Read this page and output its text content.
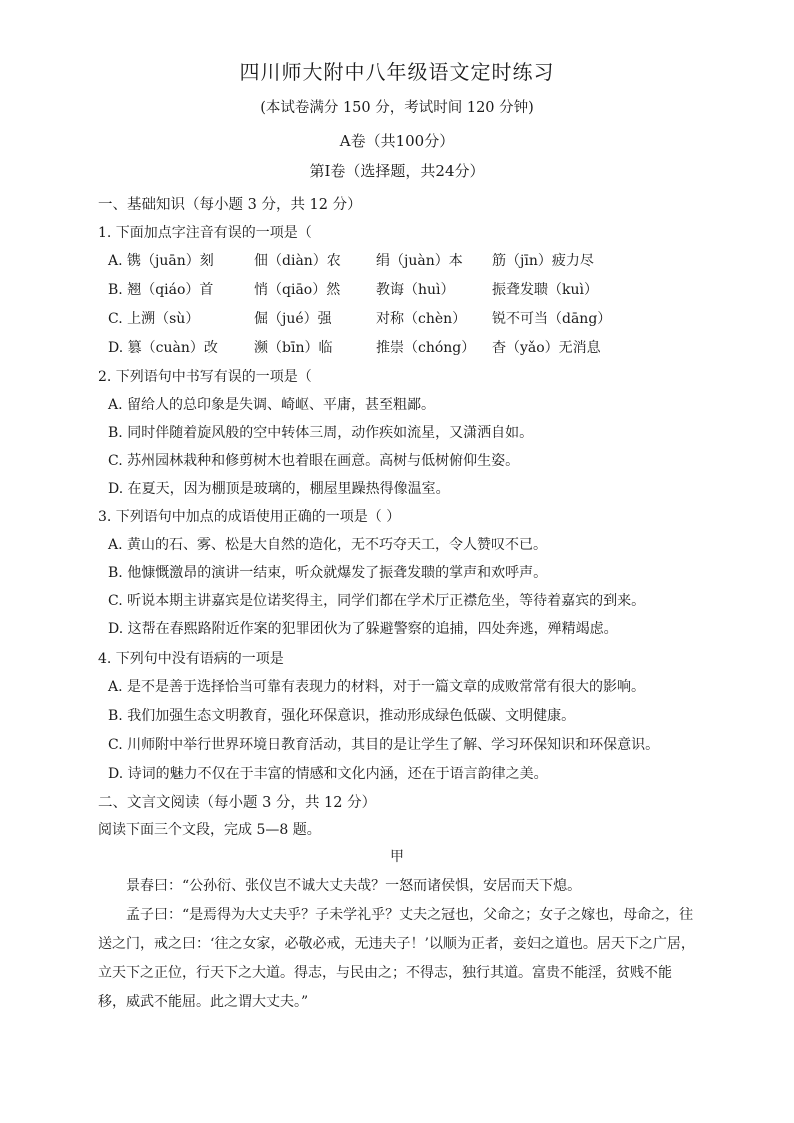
四川师大附中八年级语文定时练习
(本试卷满分 150 分，考试时间 120 分钟)
A卷（共100分）
第Ⅰ卷（选择题，共24分）
一、基础知识（每小题 3 分，共 12 分）
1. 下面加点字注音有误的一项是（
A. 镌（juān）刻	佃（diàn）农	绢（juàn）本 筋（jīn）疲力尽
B. 翘（qiáo）首	悄（qiāo）然	教诲（huì）	振聋发聩（kuì）
C. 上溯（sù）	倔（jué）强	对称（chèn） 锐不可当（dāng）
D. 篡（cuàn）改	濒（bīn）临	推崇（chóng） 杳（yǎo）无消息
2. 下列语句中书写有误的一项是（
A. 留给人的总印象是失调、崎岖、平庸，甚至粗鄙。
B. 同时伴随着旋风般的空中转体三周，动作疾如流星，又潇洒自如。
C. 苏州园林栽种和修剪树木也着眼在画意。高树与低树俯仰生姿。
D. 在夏天，因为棚顶是玻璃的，棚屋里躁热得像温室。
3. 下列语句中加点的成语使用正确的一项是（ ）
A. 黄山的石、雾、松是大自然的造化，无不巧夺天工，令人赞叹不已。
B. 他慷慨激昂的演讲一结束，听众就爆发了振聋发聩的掌声和欢呼声。
C. 听说本期主讲嘉宾是位诺奖得主，同学们都在学术厅正襟危坐，等待着嘉宾的到来。
D. 这帮在春熙路附近作案的犯罪团伙为了躲避警察的追捕，四处奔逃，殚精竭虑。
4. 下列句中没有语病的一项是
A. 是不是善于选择恰当可靠有表现力的材料，对于一篇文章的成败常常有很大的影响。
B. 我们加强生态文明教育，强化环保意识，推动形成绿色低碳、文明健康。
C. 川师附中举行世界环境日教育活动，其目的是让学生了解、学习环保知识和环保意识。
D. 诗词的魅力不仅在于丰富的情感和文化内涵，还在于语言韵律之美。
二、文言文阅读（每小题 3 分，共 12 分）
阅读下面三个文段，完成 5—8 题。
甲

景春曰：“公孙衍、张仪岂不诚大丈夫哉？一怒而诸侯惧，安居而天下熄。

孟子曰：“是焉得为大丈夫乎？子未学礼乎？丈夫之冠也，父命之；女子之嫁也，母命之，往送之门，戒之曰：‘往之女家，必敬必戒，无违夫子！’以顺为正者，妾妇之道也。居天下之广居，立天下之正位，行天下之大道。得志，与民由之；不得志，独行其道。富贵不能淫，贫贱不能移，威武不能屈。此之谓大丈夫。”
